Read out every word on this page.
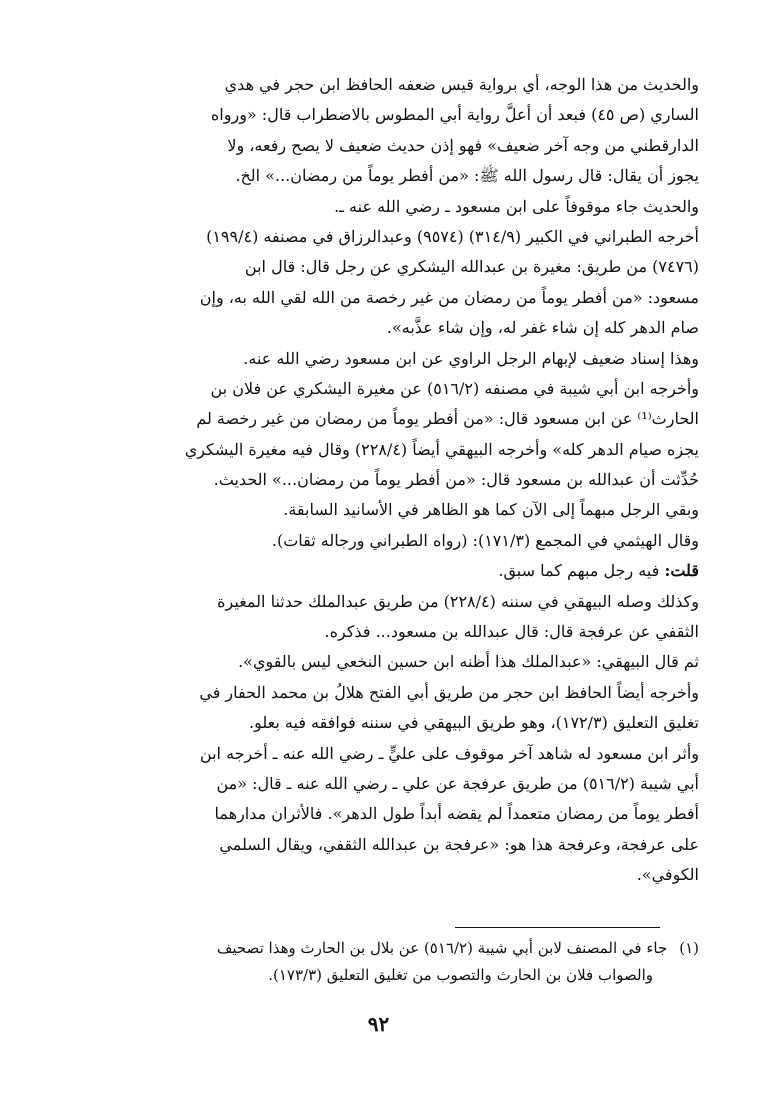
والحديث من هذا الوجه، أي برواية قيس ضعفه الحافظ ابن حجر في هدي
الساري (ص ٤٥) فبعد أن أعلَّ رواية أبي المطوس بالاضطراب قال: «ورواه
الدارقطني من وجه آخر ضعيف» فهو إذن حديث ضعيف لا يصح رفعه، ولا
يجوز أن يقال: قال رسول الله ﷺ: «من أفطر يوماً من رمضان...» الخ.
والحديث جاء موقوفاً على ابن مسعود ـ رضي الله عنه ـ.
أخرجه الطبراني في الكبير (٣١٤/٩) (٩٥٧٤) وعبدالرزاق في مصنفه (١٩٩/٤)
(٧٤٧٦) من طريق: مغيرة بن عبدالله اليشكري عن رجل قال: قال ابن
مسعود: «من أفطر يوماً من رمضان من غير رخصة من الله لقي الله به، وإن
صام الدهر كله إن شاء غفر له، وإن شاء عذَّبه».
وهذا إسناد ضعيف لإبهام الرجل الراوي عن ابن مسعود رضي الله عنه.
وأخرجه ابن أبي شيبة في مصنفه (٥١٦/٢) عن مغيرة اليشكري عن فلان بن
الحارث⁽¹⁾ عن ابن مسعود قال: «من أفطر يوماً من رمضان من غير رخصة لم
يجزه صيام الدهر كله» وأخرجه البيهقي أيضاً (٢٢٨/٤) وقال فيه مغيرة اليشكري
حُدِّثت أن عبدالله بن مسعود قال: «من أفطر يوماً من رمضان...» الحديث.
وبقي الرجل مبهماً إلى الآن كما هو الظاهر في الأسانيد السابقة.
وقال الهيثمي في المجمع (١٧١/٣): (رواه الطبراني ورجاله ثقات).
قلت: فيه رجل مبهم كما سبق.
وكذلك وصله البيهقي في سننه (٢٢٨/٤) من طريق عبدالملك حدثنا المغيرة
الثقفي عن عرفجة قال: قال عبدالله بن مسعود... فذكره.
ثم قال البيهقي: «عبدالملك هذا أظنه ابن حسين النخعي ليس بالقوي».
وأخرجه أيضاً الحافظ ابن حجر من طريق أبي الفتح هلالُ بن محمد الحفار في
تغليق التعليق (١٧٢/٣)، وهو طريق البيهقي في سننه فوافقه فيه بعلو.
وأثر ابن مسعود له شاهد آخر موقوف على عليٍّ ـ رضي الله عنه ـ أخرجه ابن
أبي شيبة (٥١٦/٢) من طريق عرفجة عن علي ـ رضي الله عنه ـ قال: «من
أفطر يوماً من رمضان متعمداً لم يقضه أبداً طول الدهر». فالأثران مدارهما
على عرفجة، وعرفجة هذا هو: «عرفجة بن عبدالله الثقفي، ويقال السلمي
الكوفي».
(١)جاء في المصنف لابن أبي شيبة (٥١٦/٢) عن بلال بن الحارث وهذا تصحيف
والصواب فلان بن الحارث والتصوب من تغليق التعليق (١٧٣/٣).
٩٢
